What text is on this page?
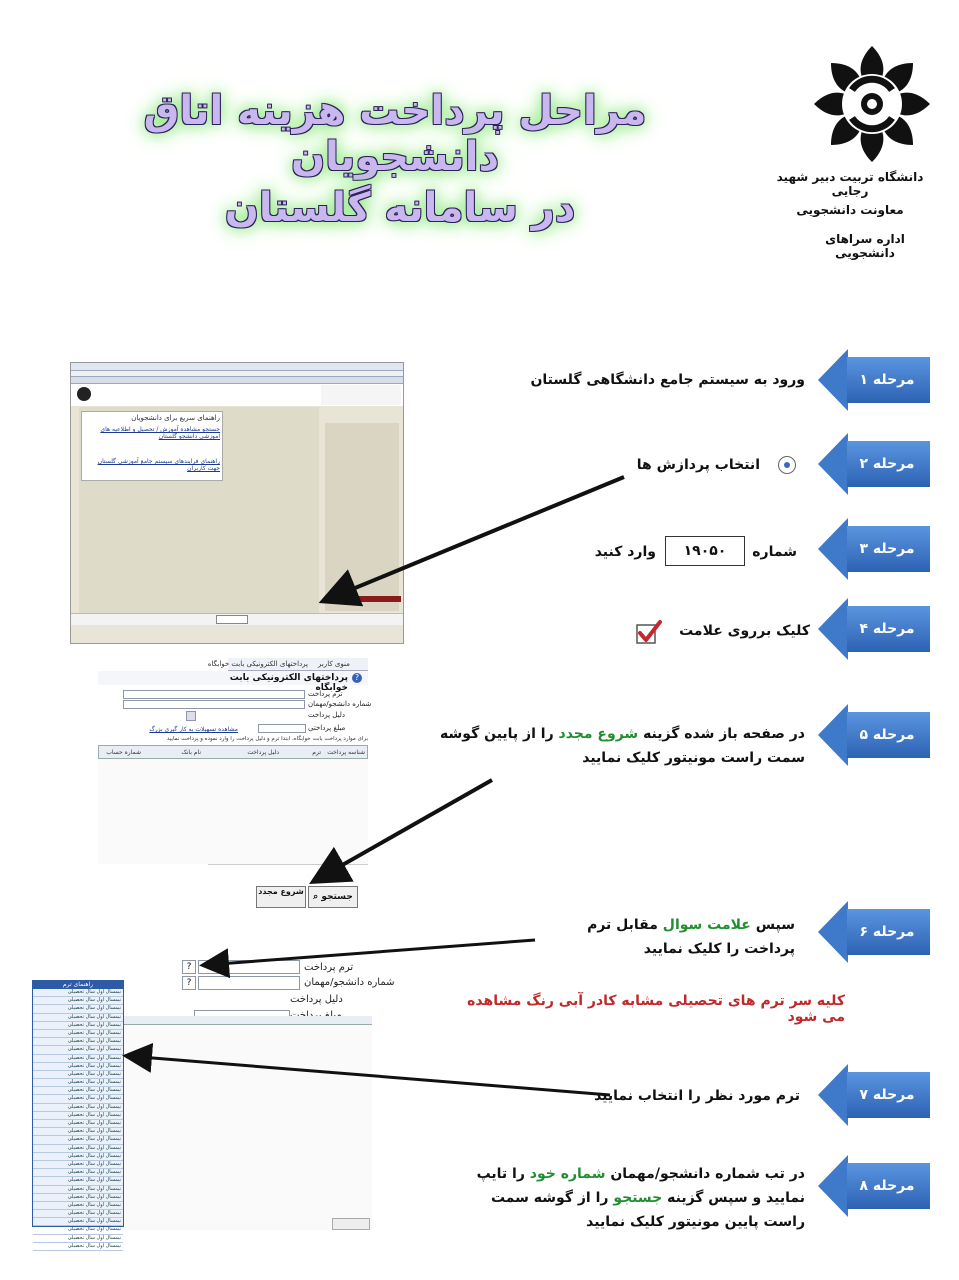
مراحل پرداخت هزینه اتاق دانشجویان
در سامانه گلستان
دانشگاه تربیت دبیر شهید رجایی
معاونت دانشجویی
اداره سراهای دانشجویی
مرحله ۱
مرحله ۲
مرحله ۳
مرحله ۴
مرحله ۵
مرحله ۶
مرحله ۷
مرحله ۸
ورود به سیستم جامع دانشگاهی گلستان
انتخاب پردازش ها
شماره
۱۹۰۵۰
وارد کنید
کلیک برروی علامت
در صفحه باز شده گزینه شروع مجدد را از پایین گوشه سمت راست مونیتور کلیک نمایید
سپس علامت سوال مقابل ترم پرداخت را کلیک نمایید
کلیه سر ترم های تحصیلی مشابه کادر آبی رنگ مشاهده می شود
ترم مورد نظر را انتخاب نمایید
در تب شماره دانشجو/مهمان شماره خود را تایپ نمایید و سپس گزینه جستجو را از گوشه سمت راست پایین مونیتور کلیک نمایید
راهنمای سریع برای دانشجویان
جستجو مشاهده آموزش / تحصیل و اطلاعیه های آموزشی دانشجو گلستان
راهنمای فرایندهای سیستم جامع آموزشی گلستان جهت کاربران
منوی کاربر
پرداختهای الکترونیکی بابت خوابگاه
پرداختهای الکترونیکی بابت خوابگاه
?
ترم پرداخت
شماره دانشجو/مهمان
دلیل پرداخت
مبلغ پرداختی
مشاهده تسهیلات به کار گیری بزرگ
برای موارد پرداخت بابت خوابگاه، ابتدا ترم و دلیل پرداخت را وارد نموده و پرداخت نمایید
شناسه پرداخت
ترم
دلیل پرداخت
نام بانک
شماره حساب
⌕ جستجو
شروع مجدد
ترم پرداخت
?
شماره دانشجو/مهمان
?
دلیل پرداخت
راهنمای ترم
نیمسال اول سال تحصیلی
نیمسال اول سال تحصیلی
نیمسال اول سال تحصیلی
نیمسال اول سال تحصیلی
نیمسال اول سال تحصیلی
نیمسال اول سال تحصیلی
نیمسال اول سال تحصیلی
نیمسال اول سال تحصیلی
نیمسال اول سال تحصیلی
نیمسال اول سال تحصیلی
نیمسال اول سال تحصیلی
نیمسال اول سال تحصیلی
نیمسال اول سال تحصیلی
نیمسال اول سال تحصیلی
نیمسال اول سال تحصیلی
نیمسال اول سال تحصیلی
نیمسال اول سال تحصیلی
نیمسال اول سال تحصیلی
نیمسال اول سال تحصیلی
نیمسال اول سال تحصیلی
نیمسال اول سال تحصیلی
نیمسال اول سال تحصیلی
نیمسال اول سال تحصیلی
نیمسال اول سال تحصیلی
نیمسال اول سال تحصیلی
نیمسال اول سال تحصیلی
نیمسال اول سال تحصیلی
نیمسال اول سال تحصیلی
نیمسال اول سال تحصیلی
نیمسال اول سال تحصیلی
نیمسال اول سال تحصیلی
نیمسال اول سال تحصیلی
